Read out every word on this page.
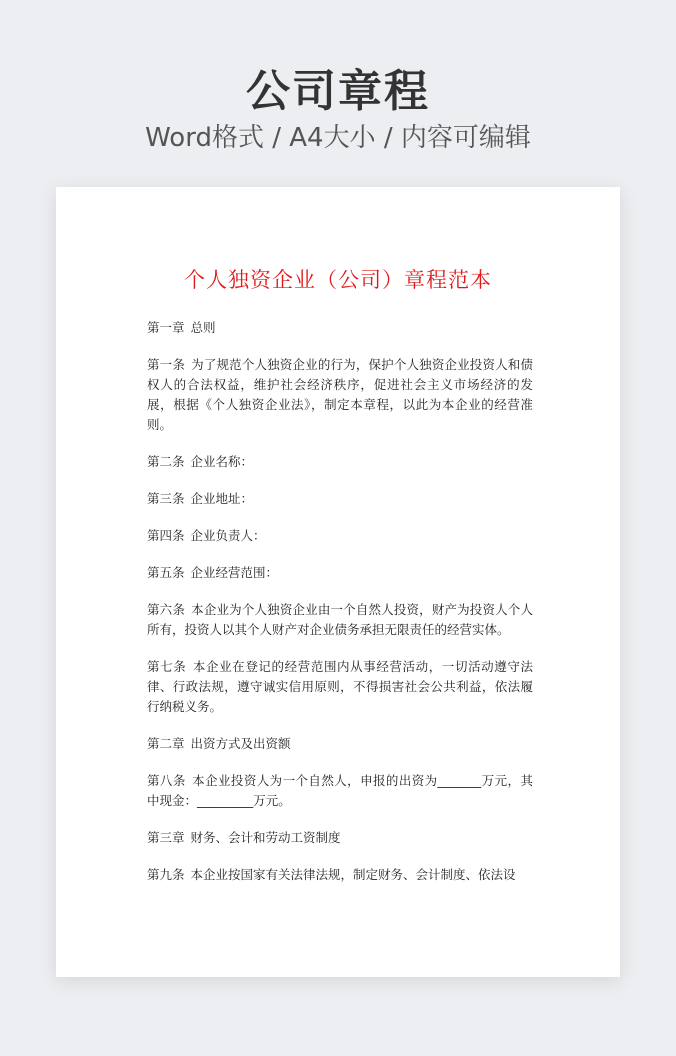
公司章程
Word格式 / A4大小 / 内容可编辑
个人独资企业（公司）章程范本

第一章 总则

第一条 为了规范个人独资企业的行为，保护个人独资企业投资人和债权人的合法权益，维护社会经济秩序，促进社会主义市场经济的发展，根据《个人独资企业法》，制定本章程，以此为本企业的经营准则。

第二条 企业名称：

第三条 企业地址：

第四条 企业负责人：

第五条 企业经营范围：

第六条 本企业为个人独资企业由一个自然人投资，财产为投资人个人所有，投资人以其个人财产对企业债务承担无限责任的经营实体。

第七条 本企业在登记的经营范围内从事经营活动，一切活动遵守法律、行政法规，遵守诚实信用原则，不得损害社会公共利益，依法履行纳税义务。

第二章 出资方式及出资额

第八条 本企业投资人为一个自然人，申报的出资为_______万元，其中现金：_________万元。

第三章 财务、会计和劳动工资制度

第九条 本企业按国家有关法律法规，制定财务、会计制度、依法设
